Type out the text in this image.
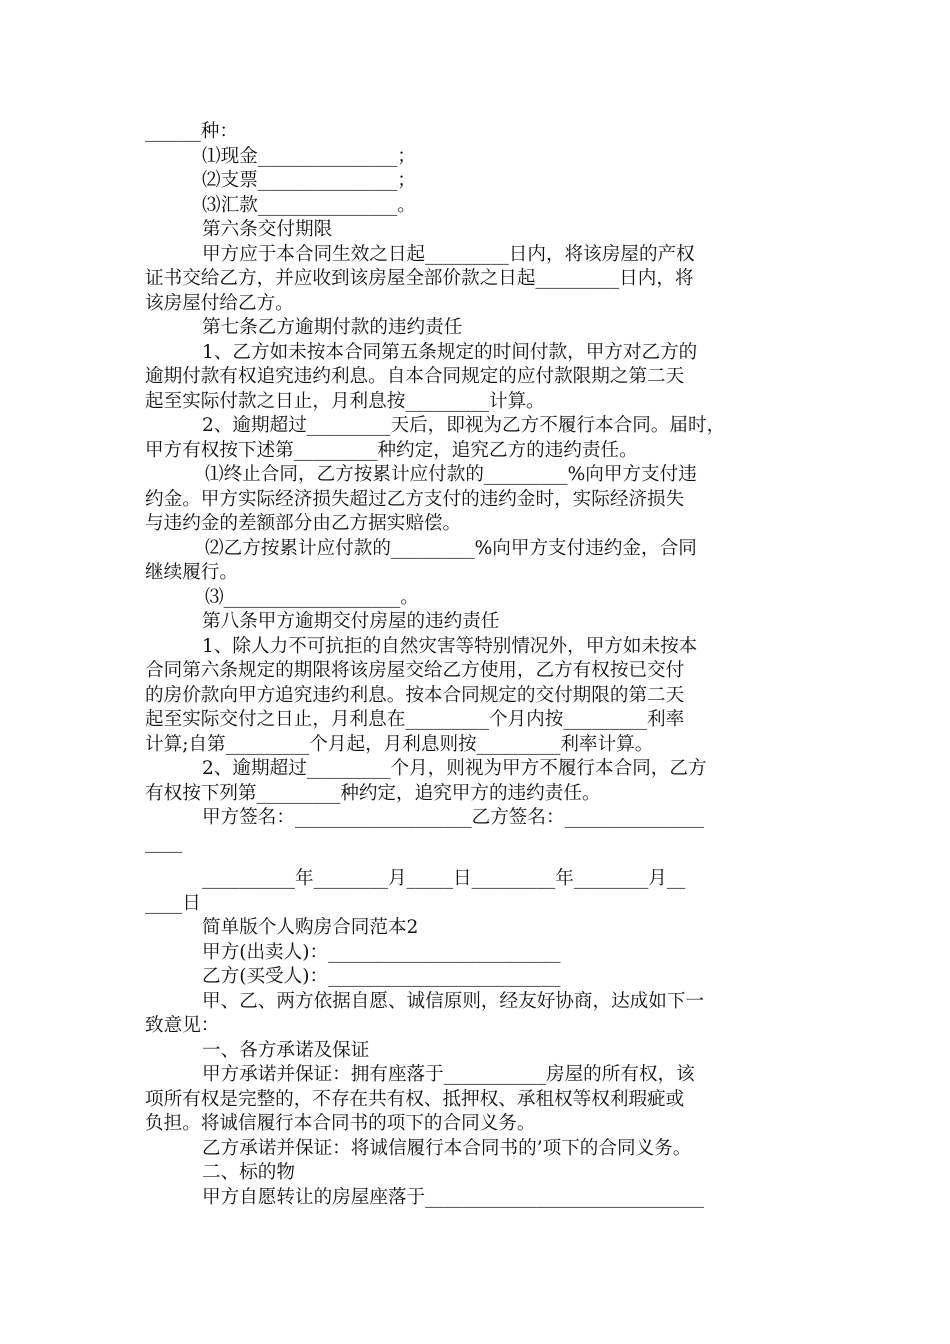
______种：
⑴现金_______________；
⑵支票_______________；
⑶汇款_______________。
第六条交付期限
甲方应于本合同生效之日起_________日内，将该房屋的产权
证书交给乙方，并应收到该房屋全部价款之日起_________日内，将
该房屋付给乙方。
第七条乙方逾期付款的违约责任
1、乙方如未按本合同第五条规定的时间付款，甲方对乙方的
逾期付款有权追究违约利息。自本合同规定的应付款限期之第二天
起至实际付款之日止，月利息按_________计算。
2、逾期超过_________天后，即视为乙方不履行本合同。届时，
甲方有权按下述第_________种约定，追究乙方的违约责任。
⑴终止合同，乙方按累计应付款的_________%向甲方支付违
约金。甲方实际经济损失超过乙方支付的违约金时，实际经济损失
与违约金的差额部分由乙方据实赔偿。
⑵乙方按累计应付款的_________%向甲方支付违约金，合同
继续履行。
⑶___________________。
第八条甲方逾期交付房屋的违约责任
1、除人力不可抗拒的自然灾害等特别情况外，甲方如未按本
合同第六条规定的期限将该房屋交给乙方使用，乙方有权按已交付
的房价款向甲方追究违约利息。按本合同规定的交付期限的第二天
起至实际交付之日止，月利息在_________个月内按_________利率
计算;自第_________个月起，月利息则按_________利率计算。
2、逾期超过_________个月，则视为甲方不履行本合同，乙方
有权按下列第_________种约定，追究甲方的违约责任。
甲方签名：___________________乙方签名：_______________
____
__________年________月_____日_________年________月__
____日
简单版个人购房合同范本2
甲方(出卖人)：_________________________
乙方(买受人)：_________________________
甲、乙、两方依据自愿、诚信原则，经友好协商，达成如下一
致意见：
一、各方承诺及保证
甲方承诺并保证：拥有座落于___________房屋的所有权，该
项所有权是完整的，不存在共有权、抵押权、承租权等权利瑕疵或
负担。将诚信履行本合同书的项下的合同义务。
乙方承诺并保证：将诚信履行本合同书的’项下的合同义务。
二、标的物
甲方自愿转让的房屋座落于______________________________
